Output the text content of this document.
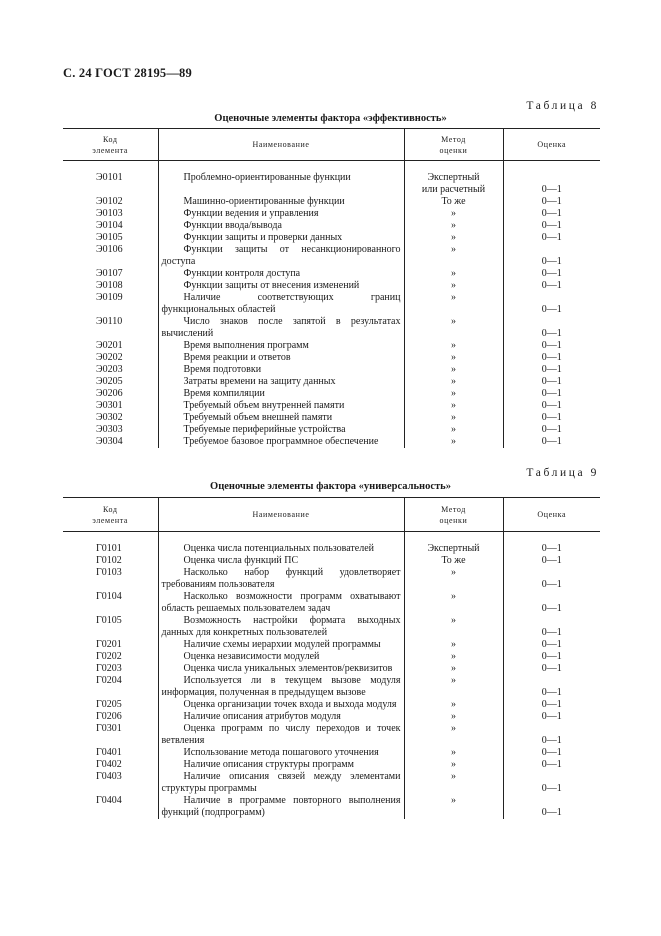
С. 24 ГОСТ 28195—89
Таблица 8
Оценочные элементы фактора «эффективность»
Код
элемента	Наименование	Метод
оценки	Оценка
Э0101	Проблемно-ориентированные функции	Экспертный
или расчетный	0—1
Э0102	Машинно-ориентированные функции	То же	0—1
Э0103	Функции ведения и управления	»	0—1
Э0104	Функции ввода/вывода	»	0—1
Э0105	Функции защиты и проверки данных	»	0—1
Э0106	Функции защиты от несанкционированного доступа	»	0—1
Э0107	Функции контроля доступа	»	0—1
Э0108	Функции защиты от внесения изменений	»	0—1
Э0109	Наличие соответствующих границ функциональных областей	»	0—1
Э0110	Число знаков после запятой в результатах вычислений	»	0—1
Э0201	Время выполнения программ	»	0—1
Э0202	Время реакции и ответов	»	0—1
Э0203	Время подготовки	»	0—1
Э0205	Затраты времени на защиту данных	»	0—1
Э0206	Время компиляции	»	0—1
Э0301	Требуемый объем внутренней памяти	»	0—1
Э0302	Требуемый объем внешней памяти	»	0—1
Э0303	Требуемые периферийные устройства	»	0—1
Э0304	Требуемое базовое программное обеспечение	»	0—1
Таблица 9
Оценочные элементы фактора «универсальность»
Код
элемента	Наименование	Метод
оценки	Оценка
Г0101	Оценка числа потенциальных пользователей	Экспертный	0—1
Г0102	Оценка числа функций ПС	То же	0—1
Г0103	Насколько набор функций удовлетворяет требованиям пользователя	»	0—1
Г0104	Насколько возможности программ охватывают область решаемых пользователем задач	»	0—1
Г0105	Возможность настройки формата выходных данных для конкретных пользователей	»	0—1
Г0201	Наличие схемы иерархии модулей программы	»	0—1
Г0202	Оценка независимости модулей	»	0—1
Г0203	Оценка числа уникальных элементов/реквизитов	»	0—1
Г0204	Используется ли в текущем вызове модуля информация, полученная в предыдущем вызове	»	0—1
Г0205	Оценка организации точек входа и выхода модуля	»	0—1
Г0206	Наличие описания атрибутов модуля	»	0—1
Г0301	Оценка программ по числу переходов и точек ветвления	»	0—1
Г0401	Использование метода пошагового уточнения	»	0—1
Г0402	Наличие описания структуры программ	»	0—1
Г0403	Наличие описания связей между элементами структуры программы	»	0—1
Г0404	Наличие в программе повторного выполнения функций (подпрограмм)	»	0—1
